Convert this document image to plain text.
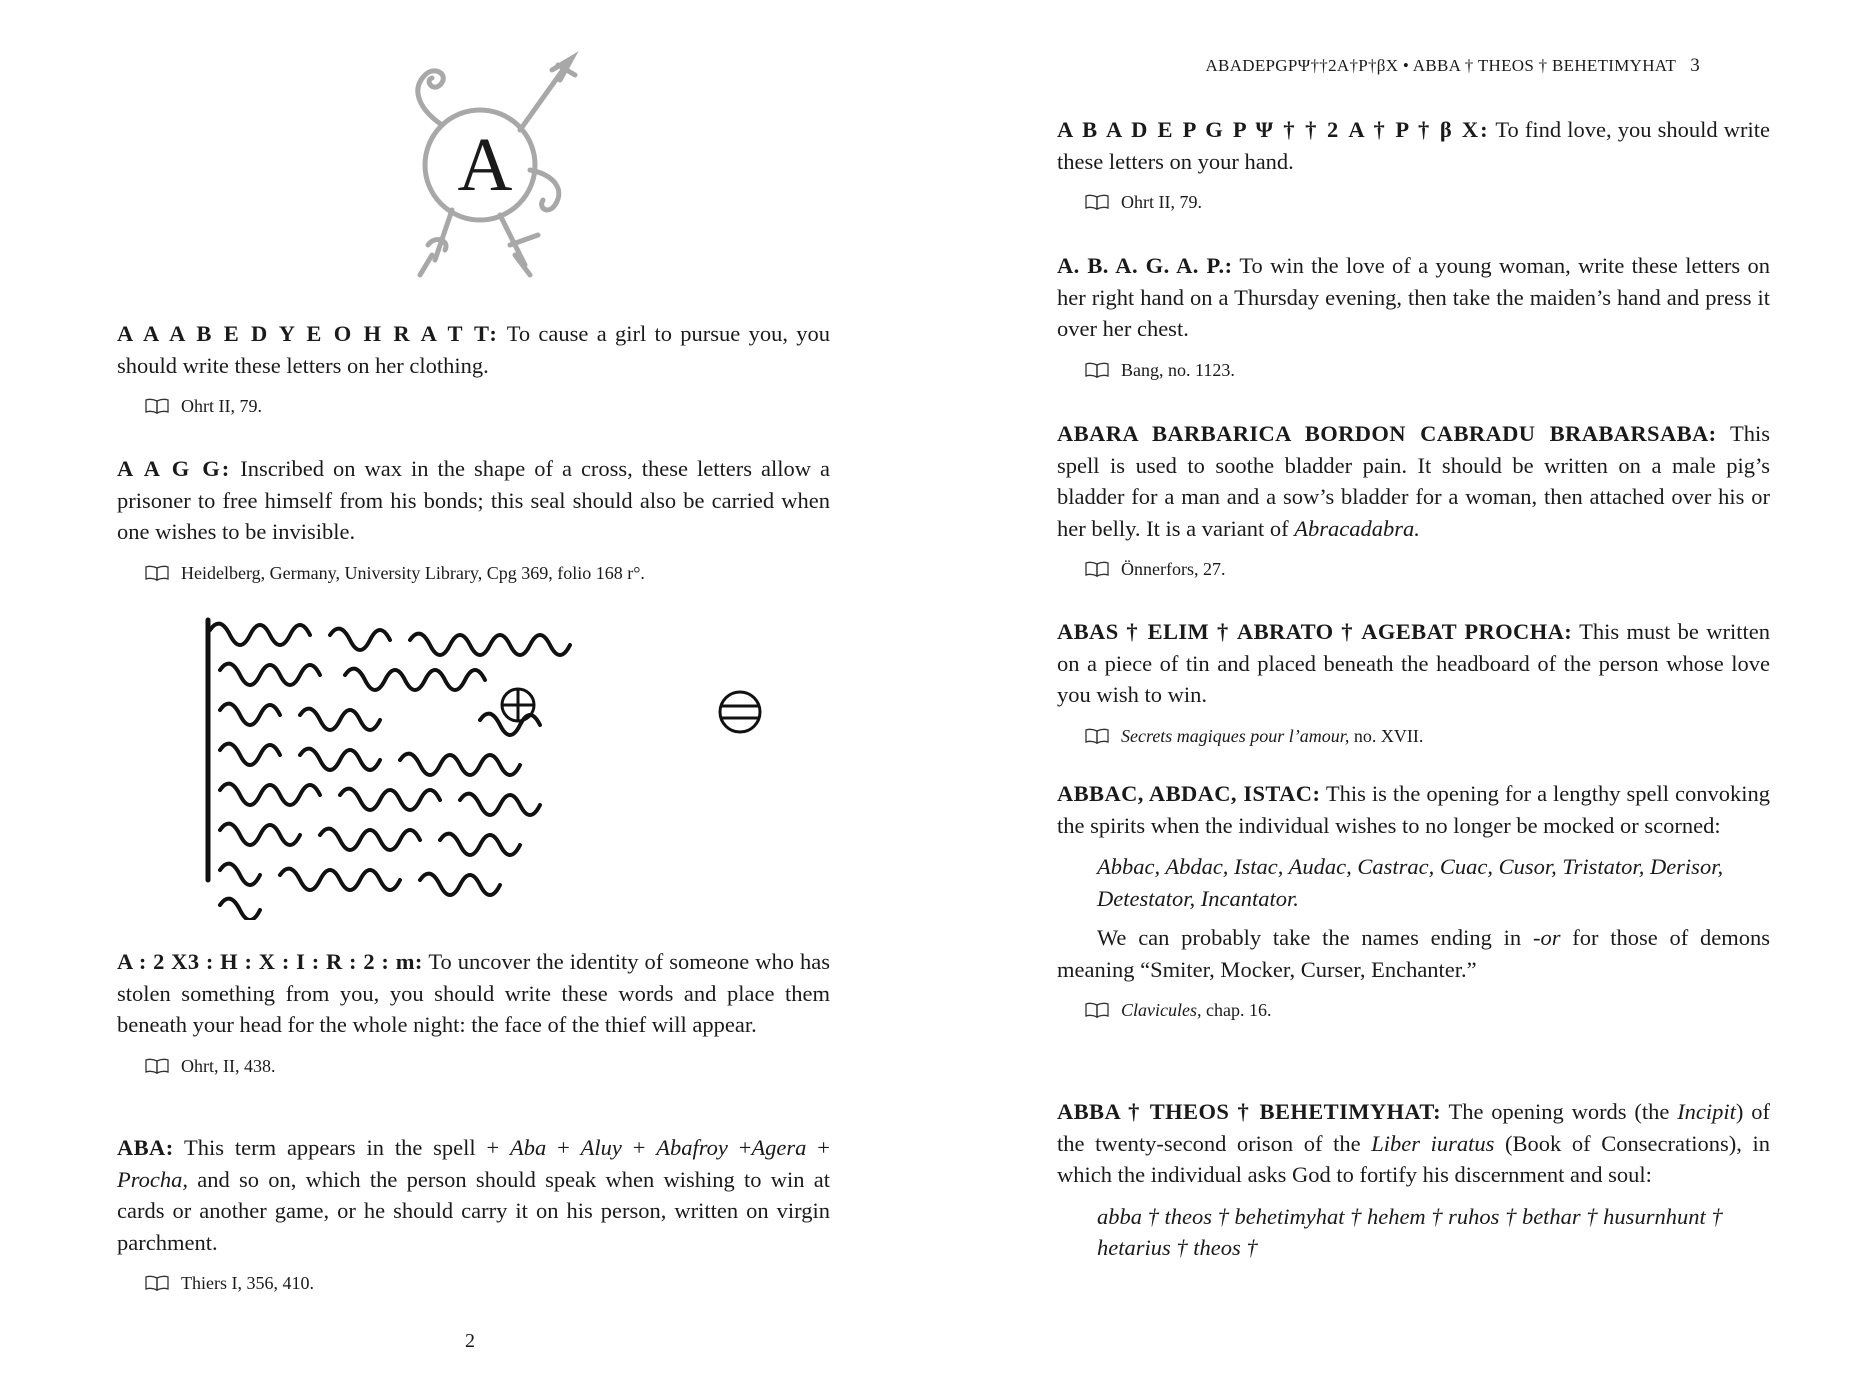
A

A A A B E D Y E O H R A T T: To cause a girl to pursue you, you should write these letters on her clothing.

Ohrt II, 79.

A A G G: Inscribed on wax in the shape of a cross, these letters allow a prisoner to free himself from his bonds; this seal should also be carried when one wishes to be invisible.

Heidelberg, Germany, University Library, Cpg 369, folio 168 r°.

A : 2 X3 : H : X : I : R : 2 : m: To uncover the identity of someone who has stolen something from you, you should write these words and place them beneath your head for the whole night: the face of the thief will appear.

Ohrt, II, 438.

ABA: This term appears in the spell + Aba + Aluy + Abafroy +Agera + Procha, and so on, which the person should speak when wishing to win at cards or another game, or he should carry it on his person, written on virgin parchment.

Thiers I, 356, 410.
2
ABADEPGPΨ††2A†P†βX • ABBA † THEOS † BEHETIMYHAT 3

A B A D E P G P Ψ † † 2 A † P † β X: To find love, you should write these letters on your hand.

Ohrt II, 79.

A. B. A. G. A. P.: To win the love of a young woman, write these letters on her right hand on a Thursday evening, then take the maiden’s hand and press it over her chest.

Bang, no. 1123.

ABARA BARBARICA BORDON CABRADU BRABARSABA: This spell is used to soothe bladder pain. It should be written on a male pig’s bladder for a man and a sow’s bladder for a woman, then attached over his or her belly. It is a variant of Abracadabra.

Önnerfors, 27.

ABAS † ELIM † ABRATO † AGEBAT PROCHA: This must be written on a piece of tin and placed beneath the headboard of the person whose love you wish to win.

Secrets magiques pour l’amour, no. XVII.

ABBAC, ABDAC, ISTAC: This is the opening for a lengthy spell convoking the spirits when the individual wishes to no longer be mocked or scorned:

Abbac, Abdac, Istac, Audac, Castrac, Cuac, Cusor, Tristator, Derisor, Detestator, Incantator.

We can probably take the names ending in -or for those of demons meaning “Smiter, Mocker, Curser, Enchanter.”

Clavicules, chap. 16.

ABBA † THEOS † BEHETIMYHAT: The opening words (the Incipit) of the twenty-second orison of the Liber iuratus (Book of Consecrations), in which the individual asks God to fortify his discernment and soul:

abba † theos † behetimyhat † hehem † ruhos † bethar † husurnhunt † hetarius † theos †
